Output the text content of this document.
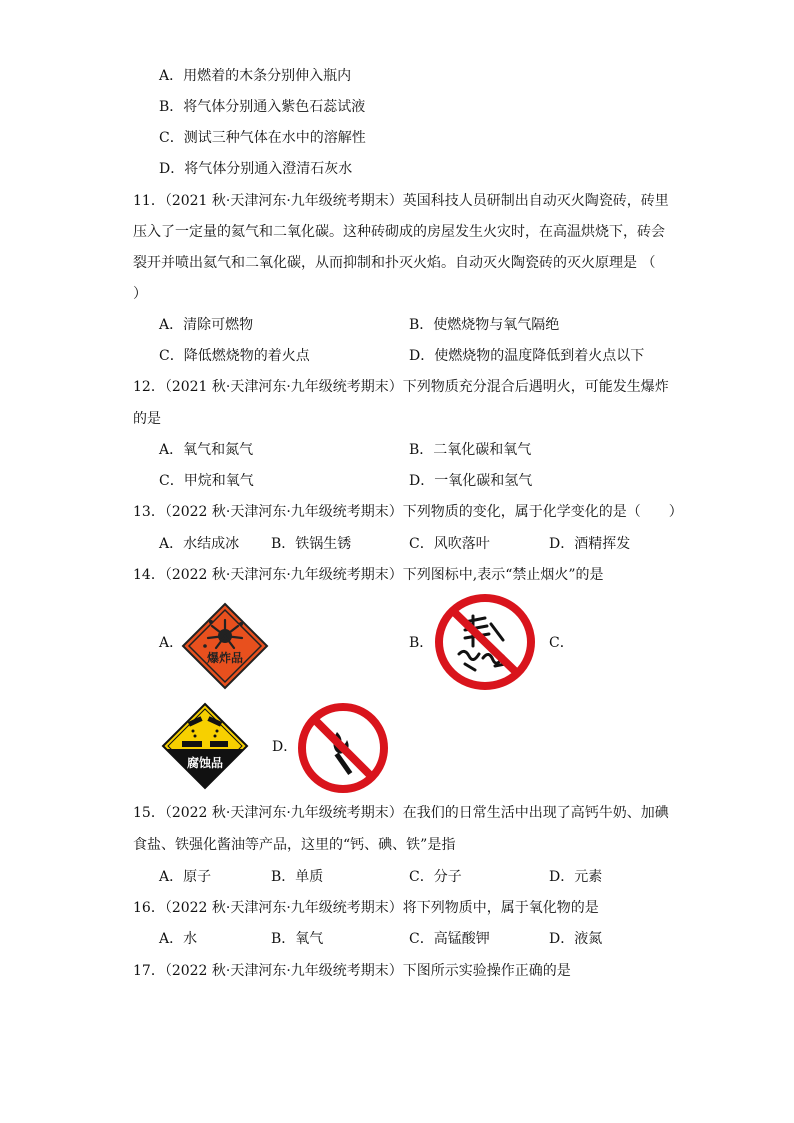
A．用燃着的木条分别伸入瓶内
B．将气体分别通入紫色石蕊试液
C．测试三种气体在水中的溶解性
D．将气体分别通入澄清石灰水
11．（2021 秋·天津河东·九年级统考期末）英国科技人员研制出自动灭火陶瓷砖，砖里
压入了一定量的氦气和二氧化碳。这种砖砌成的房屋发生火灾时，在高温烘烧下，砖会
裂开并喷出氦气和二氧化碳，从而抑制和扑灭火焰。自动灭火陶瓷砖的灭火原理是 （
）
A．清除可燃物	B．使燃烧物与氧气隔绝
C．降低燃烧物的着火点	D．使燃烧物的温度降低到着火点以下
12．（2021 秋·天津河东·九年级统考期末）下列物质充分混合后遇明火，可能发生爆炸
的是
A．氧气和氮气	B．二氧化碳和氧气
C．甲烷和氧气	D．一氧化碳和氢气
13．（2022 秋·天津河东·九年级统考期末）下列物质的变化，属于化学变化的是（　　）
A．水结成冰 B．铁锅生锈	C．风吹落叶	D．酒精挥发
14．（2022 秋·天津河东·九年级统考期末）下列图标中,表示“禁止烟火”的是
A．
爆炸品
B．	C．
腐蚀品
D．
15．（2022 秋·天津河东·九年级统考期末）在我们的日常生活中出现了高钙牛奶、加碘
食盐、铁强化酱油等产品，这里的“钙、碘、铁”是指
A．原子	B．单质	C．分子	D．元素
16．（2022 秋·天津河东·九年级统考期末）将下列物质中，属于氧化物的是
A．水	B．氧气	C．高锰酸钾	D．液氮
17．（2022 秋·天津河东·九年级统考期末）下图所示实验操作正确的是
